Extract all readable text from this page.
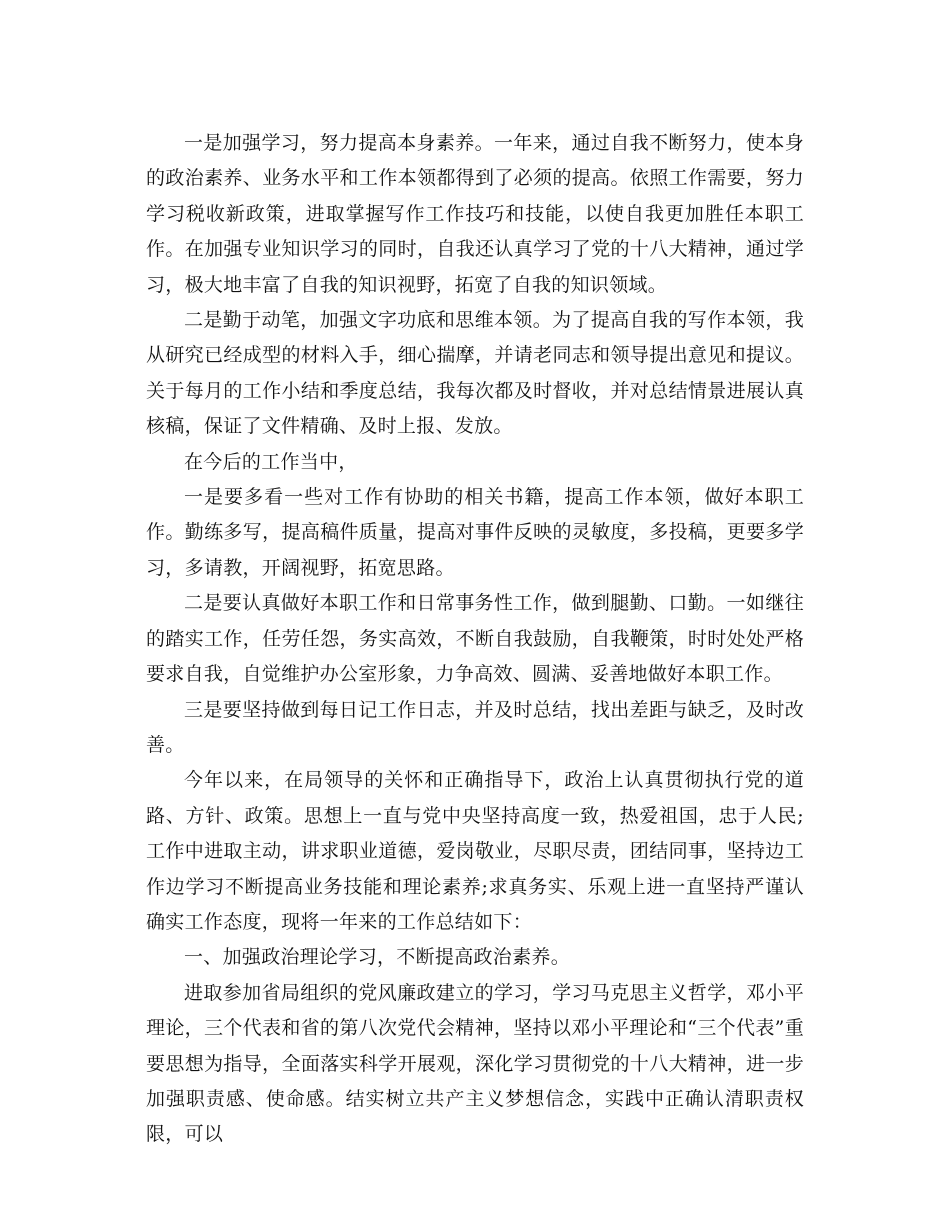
一是加强学习，努力提高本身素养。一年来，通过自我不断努力，使本身的政治素养、业务水平和工作本领都得到了必须的提高。依照工作需要，努力学习税收新政策，进取掌握写作工作技巧和技能，以使自我更加胜任本职工作。在加强专业知识学习的同时，自我还认真学习了党的十八大精神，通过学习，极大地丰富了自我的知识视野，拓宽了自我的知识领域。

二是勤于动笔，加强文字功底和思维本领。为了提高自我的写作本领，我从研究已经成型的材料入手，细心揣摩，并请老同志和领导提出意见和提议。关于每月的工作小结和季度总结，我每次都及时督收，并对总结情景进展认真核稿，保证了文件精确、及时上报、发放。

在今后的工作当中，

一是要多看一些对工作有协助的相关书籍，提高工作本领，做好本职工作。勤练多写，提高稿件质量，提高对事件反映的灵敏度，多投稿，更要多学习，多请教，开阔视野，拓宽思路。

二是要认真做好本职工作和日常事务性工作，做到腿勤、口勤。一如继往的踏实工作，任劳任怨，务实高效，不断自我鼓励，自我鞭策，时时处处严格要求自我，自觉维护办公室形象，力争高效、圆满、妥善地做好本职工作。

三是要坚持做到每日记工作日志，并及时总结，找出差距与缺乏，及时改善。

今年以来，在局领导的关怀和正确指导下，政治上认真贯彻执行党的道路、方针、政策。思想上一直与党中央坚持高度一致，热爱祖国，忠于人民;工作中进取主动，讲求职业道德，爱岗敬业，尽职尽责，团结同事，坚持边工作边学习不断提高业务技能和理论素养;求真务实、乐观上进一直坚持严谨认确实工作态度，现将一年来的工作总结如下：

一、加强政治理论学习，不断提高政治素养。

进取参加省局组织的党风廉政建立的学习，学习马克思主义哲学，邓小平理论，三个代表和省的第八次党代会精神，坚持以邓小平理论和“三个代表”重要思想为指导，全面落实科学开展观，深化学习贯彻党的十八大精神，进一步加强职责感、使命感。结实树立共产主义梦想信念，实践中正确认清职责权限，可以
